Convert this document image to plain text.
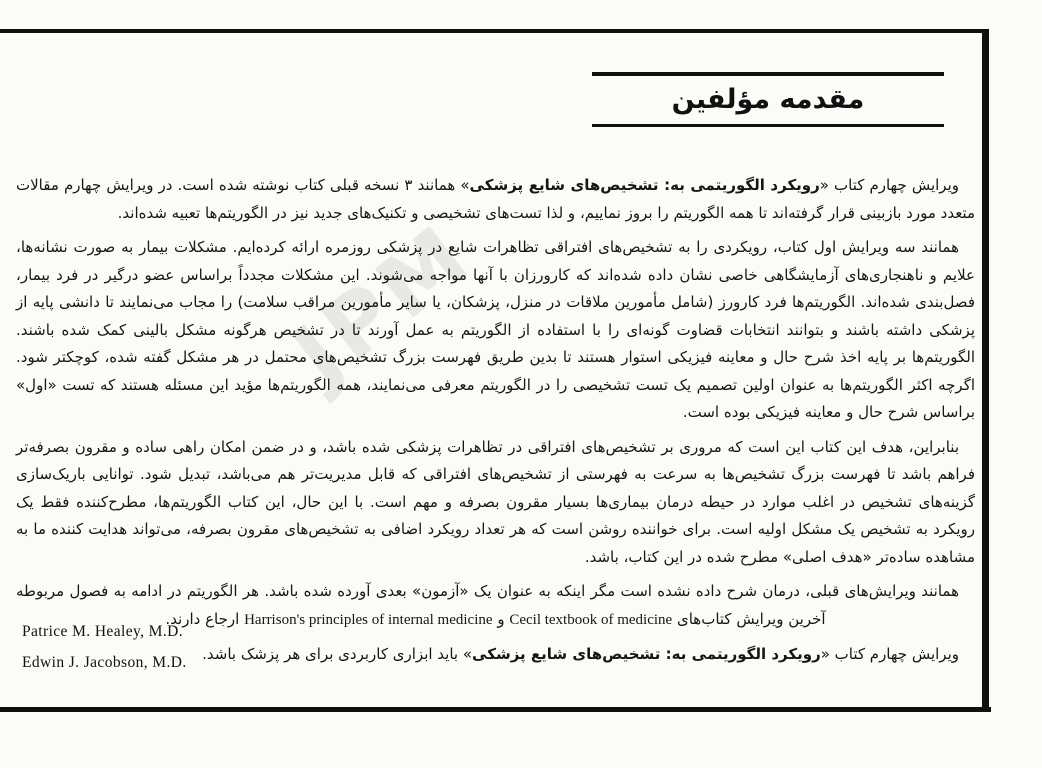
JPM
مقدمه مؤلفین

ویرایش چهارم کتاب «رویکرد الگوریتمی به: تشخیص‌های شایع پزشکی» همانند ۳ نسخه قبلی کتاب نوشته شده است. در ویرایش چهارم مقالات متعدد مورد بازبینی قرار گرفته‌اند تا همه الگوریتم را بروز نماییم، و لذا تست‌های تشخیصی و تکنیک‌های جدید نیز در الگوریتم‌ها تعبیه شده‌اند.

همانند سه ویرایش اول کتاب، رویکردی را به تشخیص‌های افتراقی تظاهرات شایع در پزشکی روزمره ارائه کرده‌ایم. مشکلات بیمار به صورت نشانه‌ها، علایم و ناهنجاری‌های آزمایشگاهی خاصی نشان داده شده‌اند که کارورزان با آنها مواجه می‌شوند. این مشکلات مجدداً براساس عضو درگیر در فرد بیمار، فصل‌بندی شده‌اند. الگوریتم‌ها فرد کارورز (شامل مأمورین ملاقات در منزل، پزشکان، یا سایر مأمورین مراقب سلامت) را مجاب می‌نمایند تا دانشی پایه از پزشکی داشته باشند و بتوانند انتخابات قضاوت گونه‌ای را با استفاده از الگوریتم به عمل آورند تا در تشخیص هرگونه مشکل بالینی کمک شده باشند. الگوریتم‌ها بر پایه اخذ شرح حال و معاینه فیزیکی استوار هستند تا بدین طریق فهرست بزرگ تشخیص‌های محتمل در هر مشکل گفته شده، کوچکتر شود. اگرچه اکثر الگوریتم‌ها به عنوان اولین تصمیم یک تست تشخیصی را در الگوریتم معرفی می‌نمایند، همه الگوریتم‌ها مؤید این مسئله هستند که تست «اول» براساس شرح حال و معاینه فیزیکی بوده است.

بنابراین، هدف این کتاب این است که مروری بر تشخیص‌های افتراقی در تظاهرات پزشکی شده باشد، و در ضمن امکان راهی ساده و مقرون بصرفه‌تر فراهم باشد تا فهرست بزرگ تشخیص‌ها به سرعت به فهرستی از تشخیص‌های افتراقی که قابل مدیریت‌تر هم می‌باشد، تبدیل شود. توانایی باریک‌سازی گزینه‌های تشخیص در اغلب موارد در حیطه درمان بیماری‌ها بسیار مقرون بصرفه و مهم است. با این حال، این کتاب الگوریتم‌ها، مطرح‌کننده فقط یک رویکرد به تشخیص یک مشکل اولیه است. برای خواننده روشن است که هر تعداد رویکرد اضافی به تشخیص‌های مقرون بصرفه، می‌تواند هدایت کننده ما به مشاهده ساده‌تر «هدف اصلی» مطرح شده در این کتاب، باشد.

همانند ویرایش‌های قبلی، درمان شرح داده نشده است مگر اینکه به عنوان یک «آزمون» بعدی آورده شده باشد. هر الگوریتم در ادامه به فصول مربوطه آخرین ویرایش کتاب‌های Cecil textbook of medicine و Harrison's principles of internal medicine ارجاع دارند.

ویرایش چهارم کتاب «رویکرد الگوریتمی به: تشخیص‌های شایع پزشکی» باید ابزاری کاربردی برای هر پزشک باشد.

Patrice M. Healey, M.D.
Edwin J. Jacobson, M.D.
